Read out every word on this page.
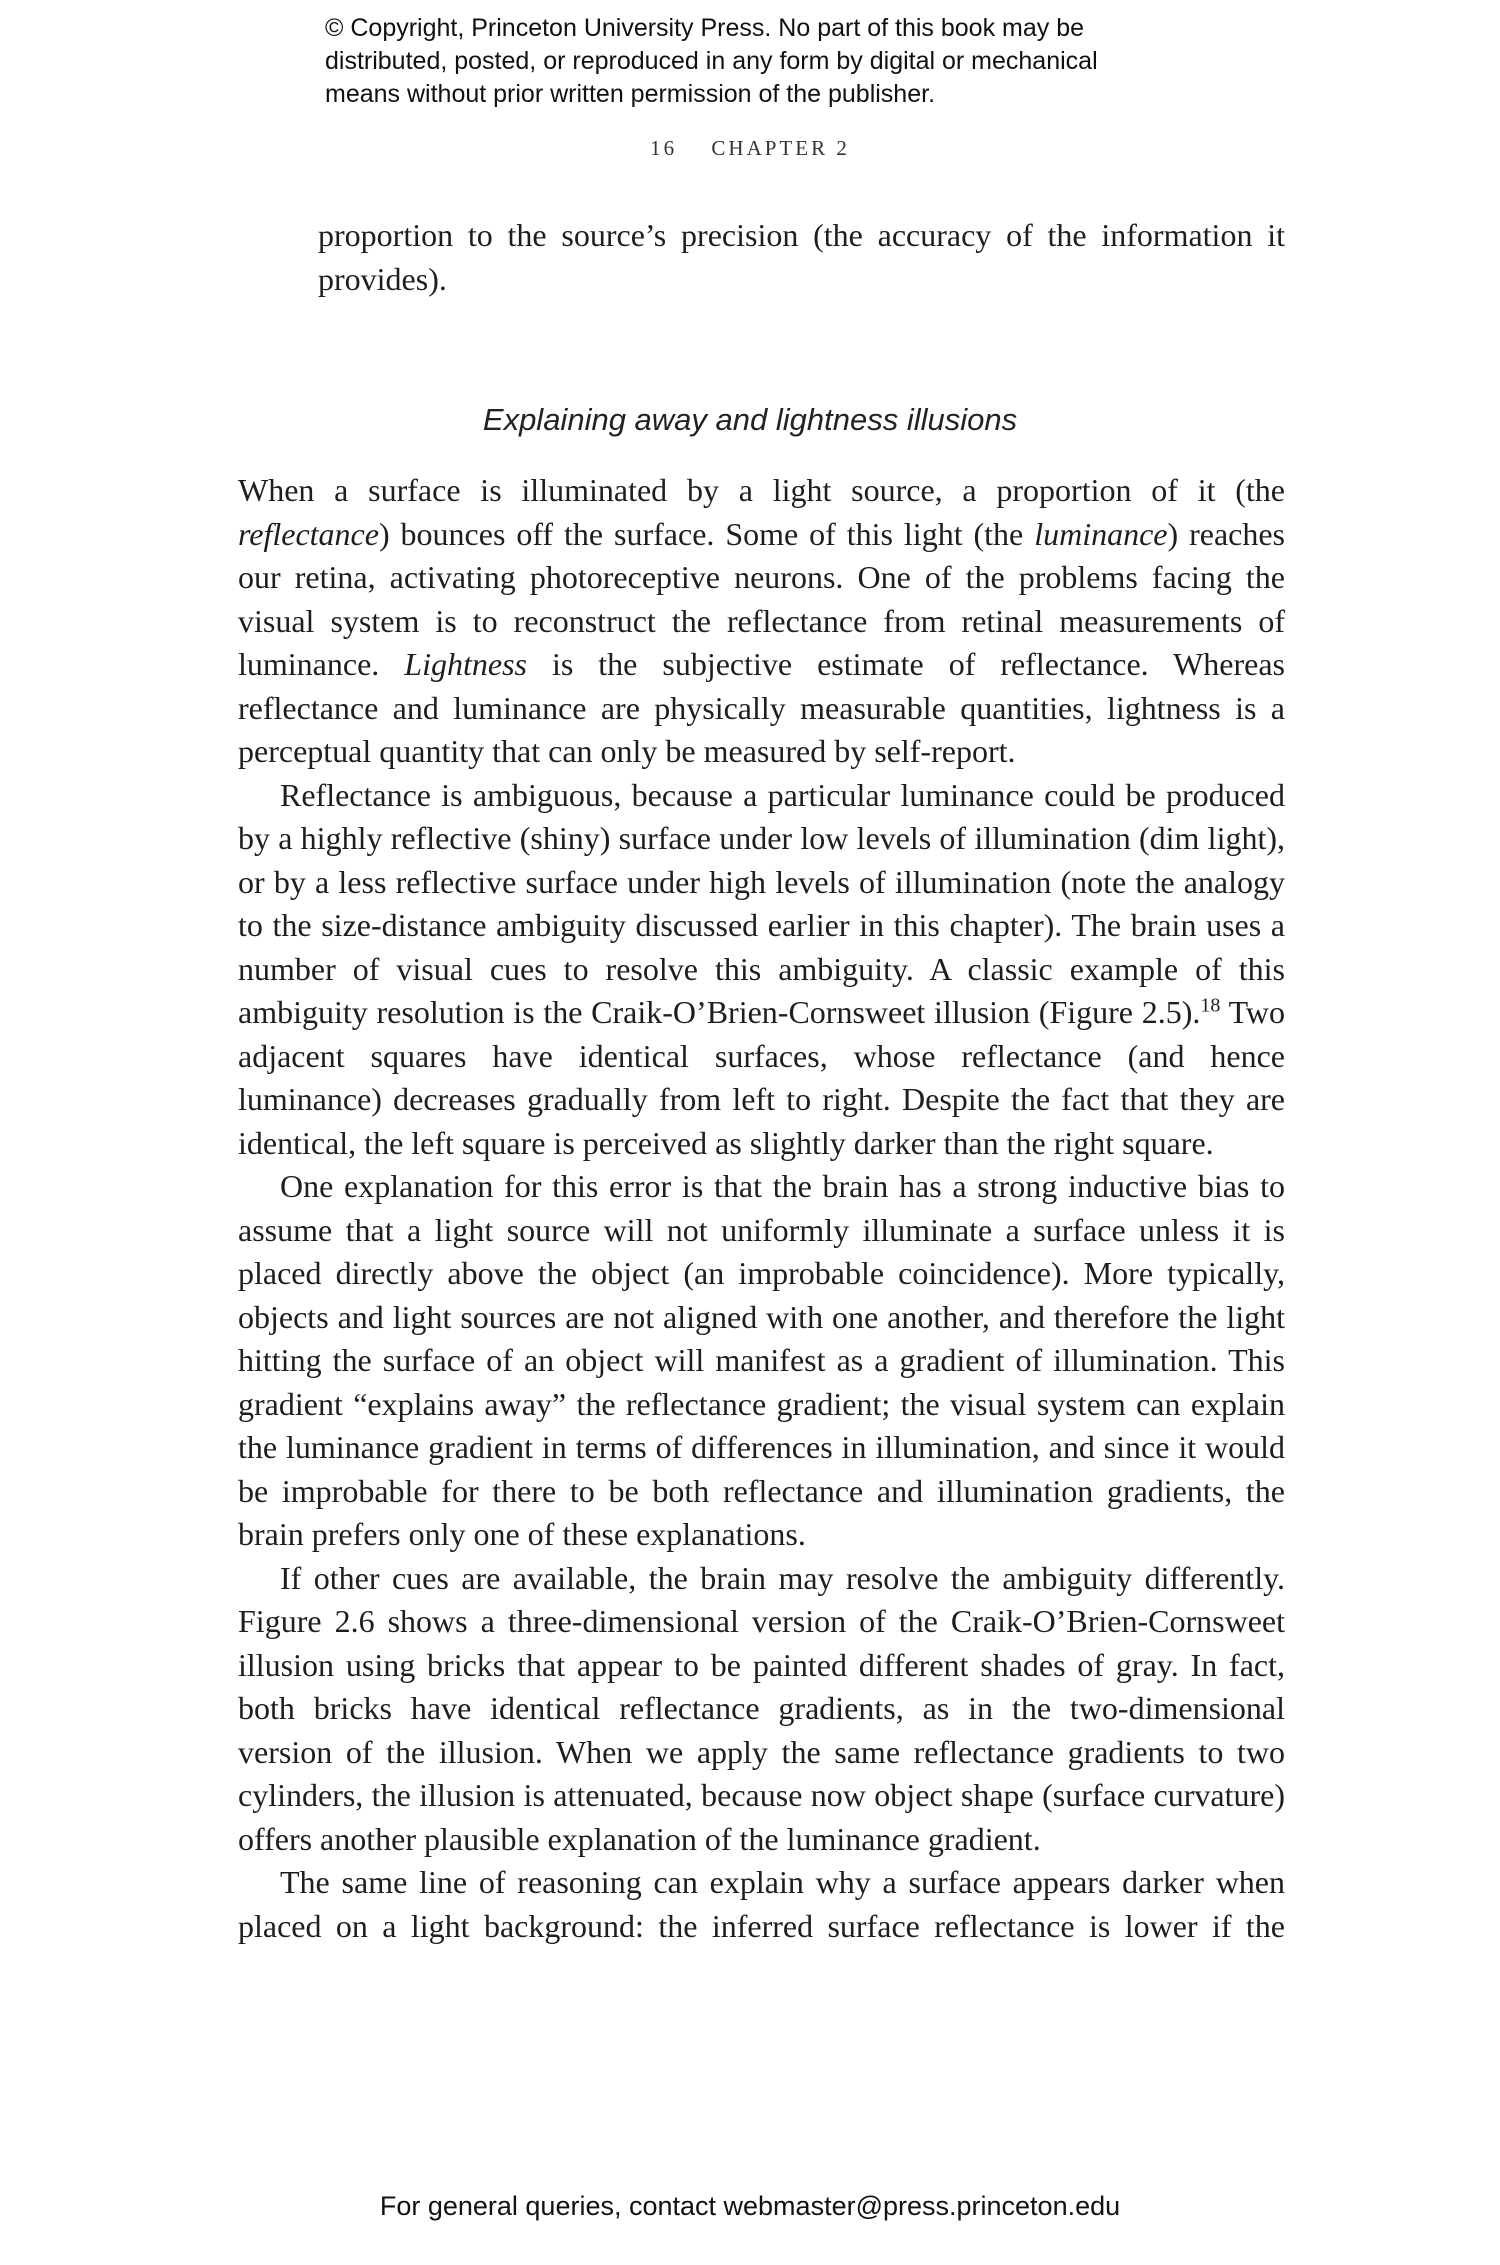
© Copyright, Princeton University Press. No part of this book may be
distributed, posted, or reproduced in any form by digital or mechanical
means without prior written permission of the publisher.
16 CHAPTER 2

proportion to the source’s precision (the accuracy of the information it provides).

Explaining away and lightness illusions

When a surface is illuminated by a light source, a proportion of it (the reflectance) bounces off the surface. Some of this light (the luminance) reaches our retina, activating photoreceptive neurons. One of the problems facing the visual system is to reconstruct the reflectance from retinal measurements of luminance. Lightness is the subjective estimate of reflectance. Whereas reflectance and luminance are physically measurable quantities, lightness is a perceptual quantity that can only be measured by self-report.

Reflectance is ambiguous, because a particular luminance could be produced by a highly reflective (shiny) surface under low levels of illumination (dim light), or by a less reflective surface under high levels of illumination (note the analogy to the size-distance ambiguity discussed earlier in this chapter). The brain uses a number of visual cues to resolve this ambiguity. A classic example of this ambiguity resolution is the Craik-O’Brien-Cornsweet illusion (Figure 2.5).$^{18}$ Two adjacent squares have identical surfaces, whose reflectance (and hence luminance) decreases gradually from left to right. Despite the fact that they are identical, the left square is perceived as slightly darker than the right square.

One explanation for this error is that the brain has a strong inductive bias to assume that a light source will not uniformly illuminate a surface unless it is placed directly above the object (an improbable coincidence). More typically, objects and light sources are not aligned with one another, and therefore the light hitting the surface of an object will manifest as a gradient of illumination. This gradient “explains away” the reflectance gradient; the visual system can explain the luminance gradient in terms of differences in illumination, and since it would be improbable for there to be both reflectance and illumination gradients, the brain prefers only one of these explanations.

If other cues are available, the brain may resolve the ambiguity differently. Figure 2.6 shows a three-dimensional version of the Craik-O’Brien-Cornsweet illusion using bricks that appear to be painted different shades of gray. In fact, both bricks have identical reflectance gradients, as in the two-dimensional version of the illusion. When we apply the same reflectance gradients to two cylinders, the illusion is attenuated, because now object shape (surface curvature) offers another plausible explanation of the luminance gradient.

The same line of reasoning can explain why a surface appears darker when placed on a light background: the inferred surface reflectance is lower if the

For general queries, contact webmaster@press.princeton.edu
